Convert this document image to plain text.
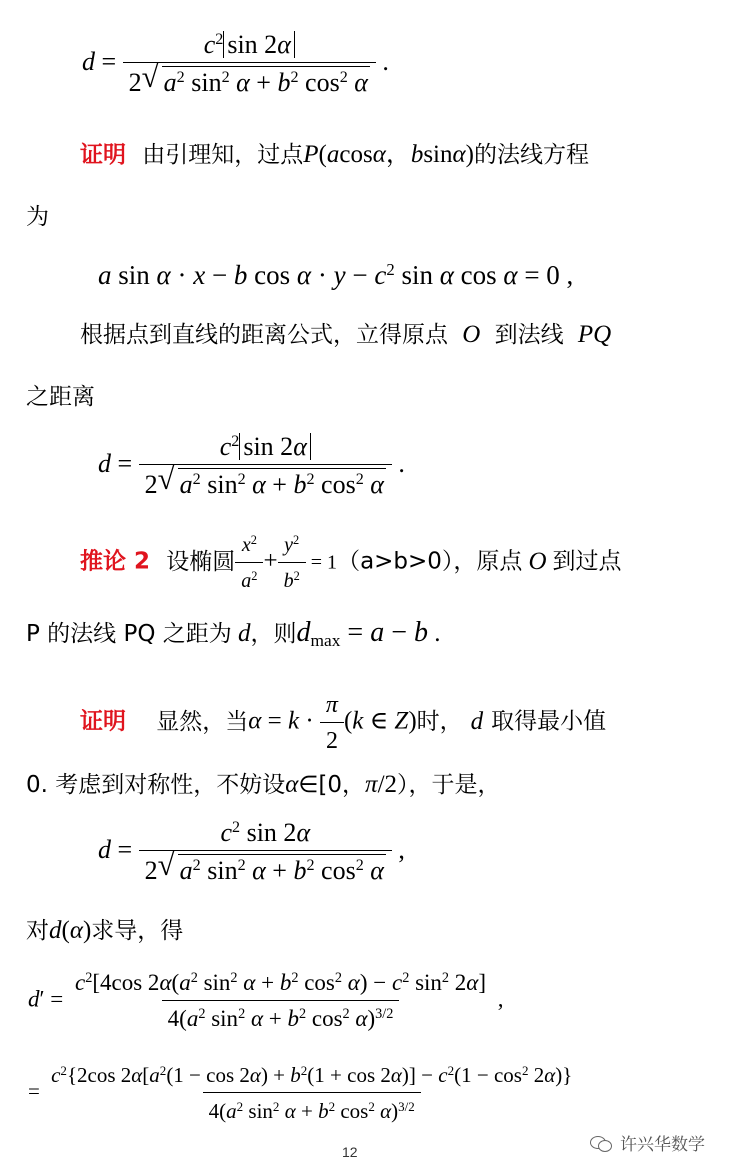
$d = \frac{c^2 \sin 2\alpha}{2 √ a^2 \sin^2 \alpha + b^2 \cos^2 \alpha}$ .
证明 由引理知，过点P(acosα，bsinα)的法线方程
为
a sin α · x − b $\cos \alpha \cdot y - c^2$ sin α cos α = 0 ,
根据点到直线的距离公式，立得原点 O 到法线 PQ
之距离
$d = \frac{c^2 \sin 2\alpha}{2 √ a^2 \sin^2 \alpha + b^2 \cos^2 \alpha}$ .
推论 2 设椭圆 $\frac{x^2}{a^2} + \frac{y^2}{b^2} = 1(a>b>0)$，原点 O 到过点
P 的法线 PQ 之距为 d，则$d_{max} = a - b$ .
证明 显然，当$\alpha = k \cdot \frac{\pi}{2} (k$ ∈ Z)时， d 取得最小值
0. 考虑到对称性，不妨设α∈[0，π/2），于是，
$d = \frac{c^2 \sin 2\alpha}{2 √ a^2 \sin^2 \alpha + b^2 \cos^2 \alpha}$ ,
对d(α)求导，得
$d' = \frac{c^2[4\cos 2\alpha(a^2 \sin^2 \alpha + b^2 \cos^2 \alpha) - c^2 \sin^2 2\alpha]}{4(a^2 \sin^2 \alpha + b^2 \cos^2 \alpha)^{3/2}}$ ,
=
$c^2\{2\cos$ $2\alpha[a^2(1 - \cos 2\alpha) + b^2(1 + \cos 2\alpha)] - c^2(1 - \cos^2 2\alpha)$}
$4(a^2$ $\sin^2 \alpha + b^2$ $\cos^2 \alpha)^{3/2}$
12	许兴华数学
